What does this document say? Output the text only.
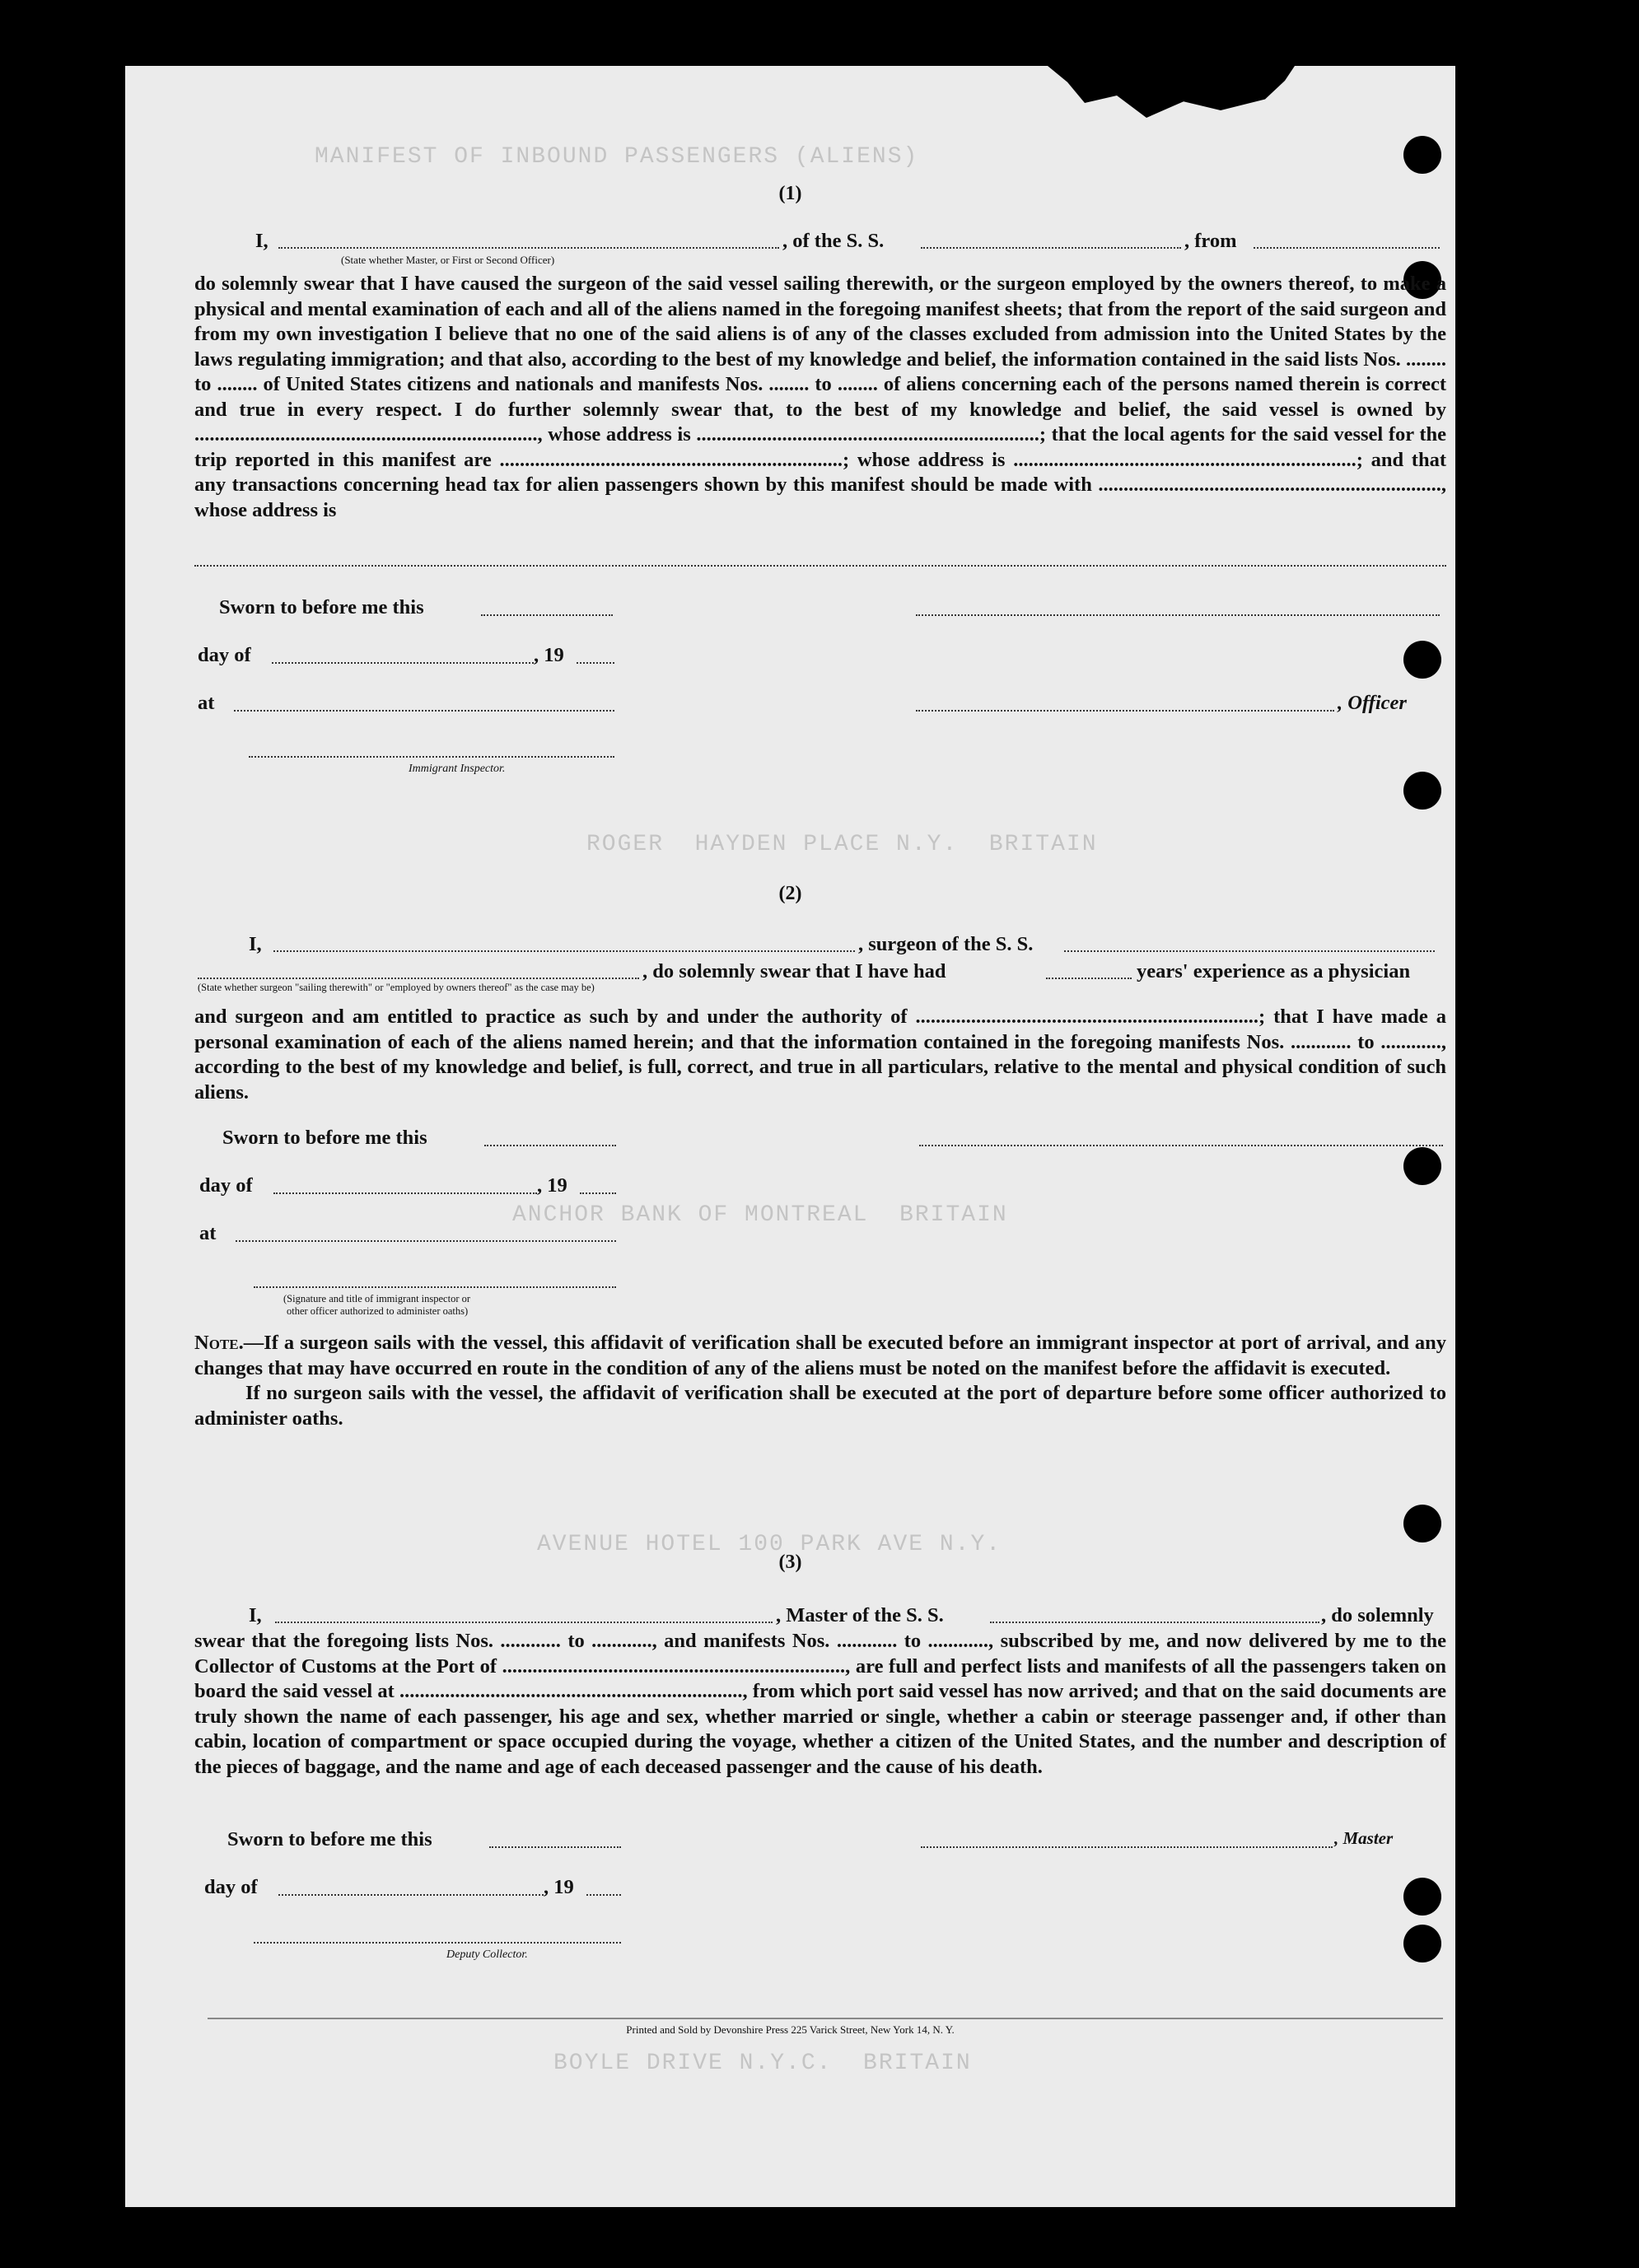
MANIFEST OF INBOUND PASSENGERS (ALIENS)
ROGER  HAYDEN PLACE N.Y.  BRITAIN
ANCHOR BANK OF MONTREAL  BRITAIN
AVENUE HOTEL 100 PARK AVE N.Y.
BOYLE DRIVE N.Y.C.  BRITAIN
(1)
I,	, of the S. S.	, from
(State whether Master, or First or Second Officer)

do solemnly swear that I have caused the surgeon of the said vessel sailing therewith, or the surgeon employed by the owners thereof, to make a physical and mental examination of each and all of the aliens named in the foregoing manifest sheets; that from the report of the said surgeon and from my own investigation I believe that no one of the said aliens is of any of the classes excluded from admission into the United States by the laws regulating immigration; and that also, according to the best of my knowledge and belief, the information contained in the said lists Nos. ........ to ........ of United States citizens and nationals and manifests Nos. ........ to ........ of aliens concerning each of the persons named therein is correct and true in every respect. I do further solemnly swear that, to the best of my knowledge and belief, the said vessel is owned by ...................................................................., whose address is ....................................................................; that the local agents for the said vessel for the trip reported in this manifest are ....................................................................; whose address is ....................................................................; and that any transactions concerning head tax for alien passengers shown by this manifest should be made with ...................................................................., whose address is

Sworn to before me this
day of	, 19
at	, Officer
Immigrant Inspector.
(2)
I,	, surgeon of the S. S.
, do solemnly swear that I have had	years' experience as a physician
(State whether surgeon "sailing therewith" or "employed by owners thereof" as the case may be)

and surgeon and am entitled to practice as such by and under the authority of ....................................................................; that I have made a personal examination of each of the aliens named herein; and that the information contained in the foregoing manifests Nos. ............ to ............, according to the best of my knowledge and belief, is full, correct, and true in all particulars, relative to the mental and physical condition of such aliens.

Sworn to before me this
day of	, 19
at
(Signature and title of immigrant inspector or
other officer authorized to administer oaths)

Note.—If a surgeon sails with the vessel, this affidavit of verification shall be executed before an immigrant inspector at port of arrival, and any changes that may have occurred en route in the condition of any of the aliens must be noted on the manifest before the affidavit is executed.

If no surgeon sails with the vessel, the affidavit of verification shall be executed at the port of departure before some officer authorized to administer oaths.

(3)
I,	, Master of the S. S.	, do solemnly

swear that the foregoing lists Nos. ............ to ............, and manifests Nos. ............ to ............, subscribed by me, and now delivered by me to the Collector of Customs at the Port of ...................................................................., are full and perfect lists and manifests of all the passengers taken on board the said vessel at ...................................................................., from which port said vessel has now arrived; and that on the said documents are truly shown the name of each passenger, his age and sex, whether married or single, whether a cabin or steerage passenger and, if other than cabin, location of compartment or space occupied during the voyage, whether a citizen of the United States, and the number and description of the pieces of baggage, and the name and age of each deceased passenger and the cause of his death.

Sworn to before me this	, Master
day of	, 19
Deputy Collector.
Printed and Sold by Devonshire Press 225 Varick Street, New York 14, N. Y.
